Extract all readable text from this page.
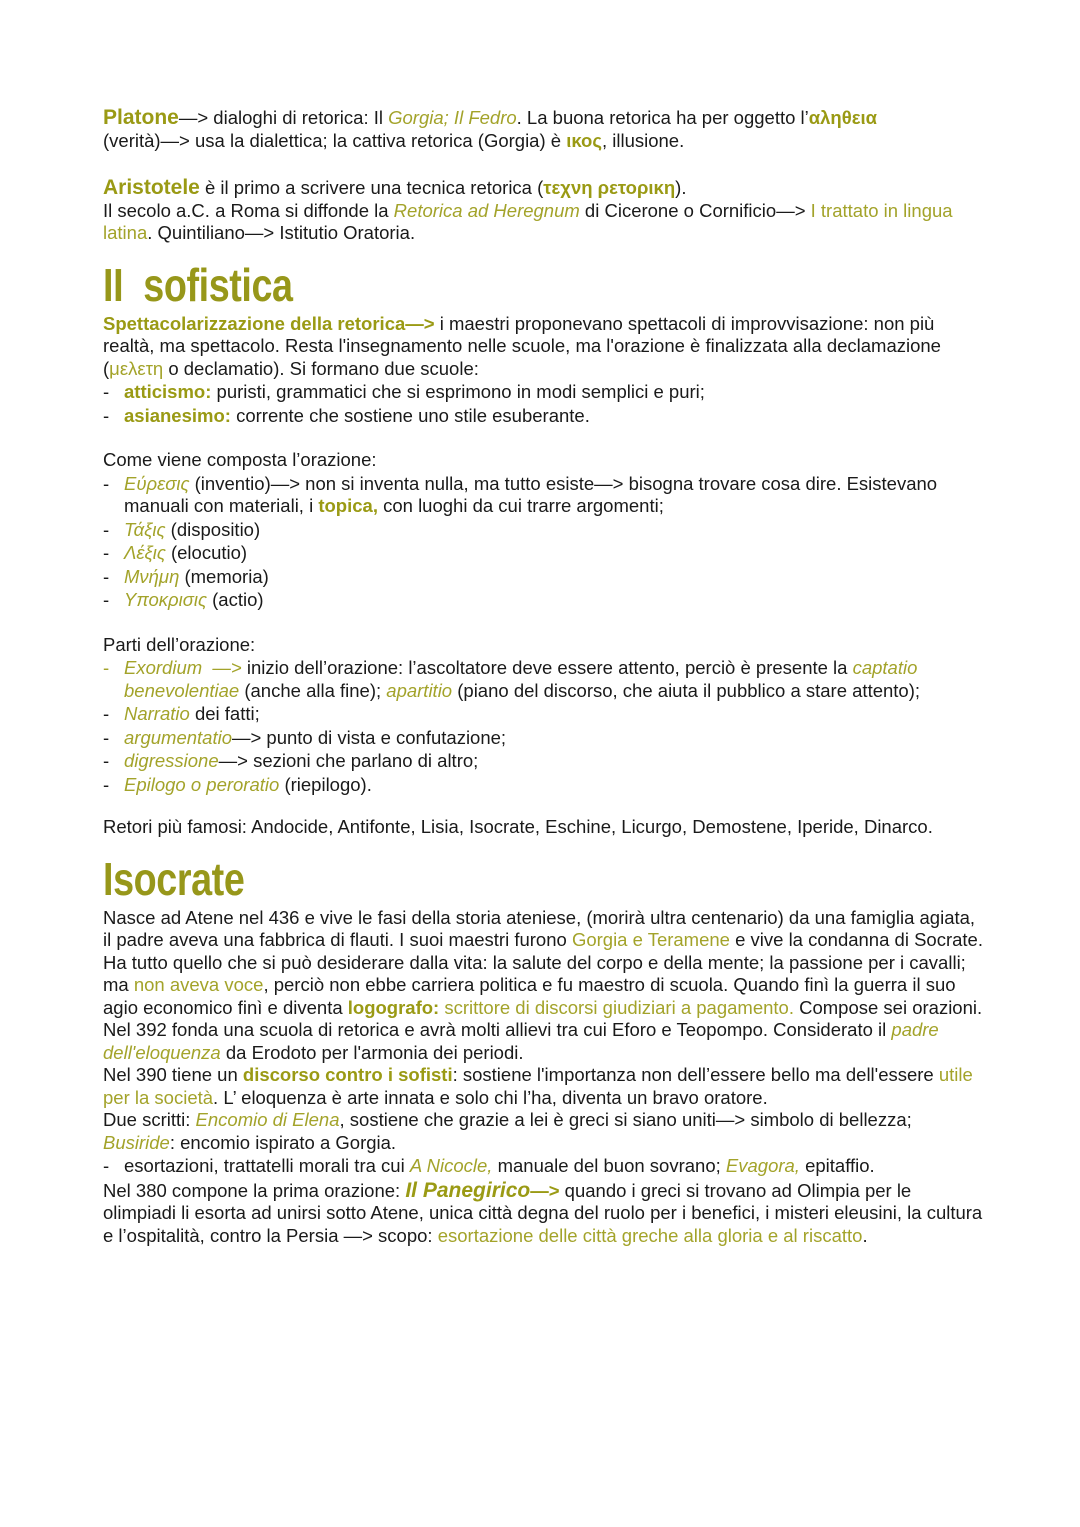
Platone—> dialoghi di retorica: Il Gorgia; Il Fedro. La buona retorica ha per oggetto l’αληθεια
(verità)—> usa la dialettica; la cattiva retorica (Gorgia) è ικος, illusione.

Aristotele è il primo a scrivere una tecnica retorica (τεχνη ρετορικη).
Il secolo a.C. a Roma si diffonde la Retorica ad Heregnum di Cicerone o Cornificio—> I trattato in lingua latina. Quintiliano—> Istitutio Oratoria.

II  sofistica

Spettacolarizzazione della retorica—> i maestri proponevano spettacoli di improvvisazione: non più realtà, ma spettacolo. Resta l'insegnamento nelle scuole, ma l'orazione è finalizzata alla declamazione (μελετη o declamatio). Si formano due scuole:

- atticismo: puristi, grammatici che si esprimono in modi semplici e puri;
- asianesimo: corrente che sostiene uno stile esuberante.

Come viene composta l’orazione:

- Εύρεσις (inventio)—> non si inventa nulla, ma tutto esiste—> bisogna trovare cosa dire. Esistevano manuali con materiali, i topica, con luoghi da cui trarre argomenti;
- Τάξις (dispositio)
- Λέξις (elocutio)
- Μνήμη (memoria)
- Υποκρισις (actio)

Parti dell’orazione:

- Exordium  —> inizio dell’orazione: l’ascoltatore deve essere attento, perciò è presente la captatio benevolentiae (anche alla fine); apartitio (piano del discorso, che aiuta il pubblico a stare attento);
- Narratio dei fatti;
- argumentatio—> punto di vista e confutazione;
- digressione—> sezioni che parlano di altro;
- Epilogo o peroratio (riepilogo).

Retori più famosi: Andocide, Antifonte, Lisia, Isocrate, Eschine, Licurgo, Demostene, Iperide, Dinarco.

Isocrate

Nasce ad Atene nel 436 e vive le fasi della storia ateniese, (morirà ultra centenario) da una famiglia agiata, il padre aveva una fabbrica di flauti. I suoi maestri furono Gorgia e Teramene e vive la condanna di Socrate. Ha tutto quello che si può desiderare dalla vita: la salute del corpo e della mente; la passione per i cavalli; ma non aveva voce, perciò non ebbe carriera politica e fu maestro di scuola. Quando finì la guerra il suo agio economico finì e diventa logografo: scrittore di discorsi giudiziari a pagamento. Compose sei orazioni. Nel 392 fonda una scuola di retorica e avrà molti allievi tra cui Eforo e Teopompo. Considerato il padre dell'eloquenza da Erodoto per l'armonia dei periodi.

Nel 390 tiene un discorso contro i sofisti: sostiene l'importanza non dell’essere bello ma dell'essere utile per la società. L’ eloquenza è arte innata e solo chi l’ha, diventa un bravo oratore.
Due scritti: Encomio di Elena, sostiene che grazie a lei è greci si siano uniti—> simbolo di bellezza; Busiride: encomio ispirato a Gorgia.

- esortazioni, trattatelli morali tra cui A Nicocle, manuale del buon sovrano; Evagora, epitaffio.

Nel 380 compone la prima orazione: Il Panegirico—> quando i greci si trovano ad Olimpia per le olimpiadi li esorta ad unirsi sotto Atene, unica città degna del ruolo per i benefici, i misteri eleusini, la cultura e l’ospitalità, contro la Persia —> scopo: esortazione delle città greche alla gloria e al riscatto.
